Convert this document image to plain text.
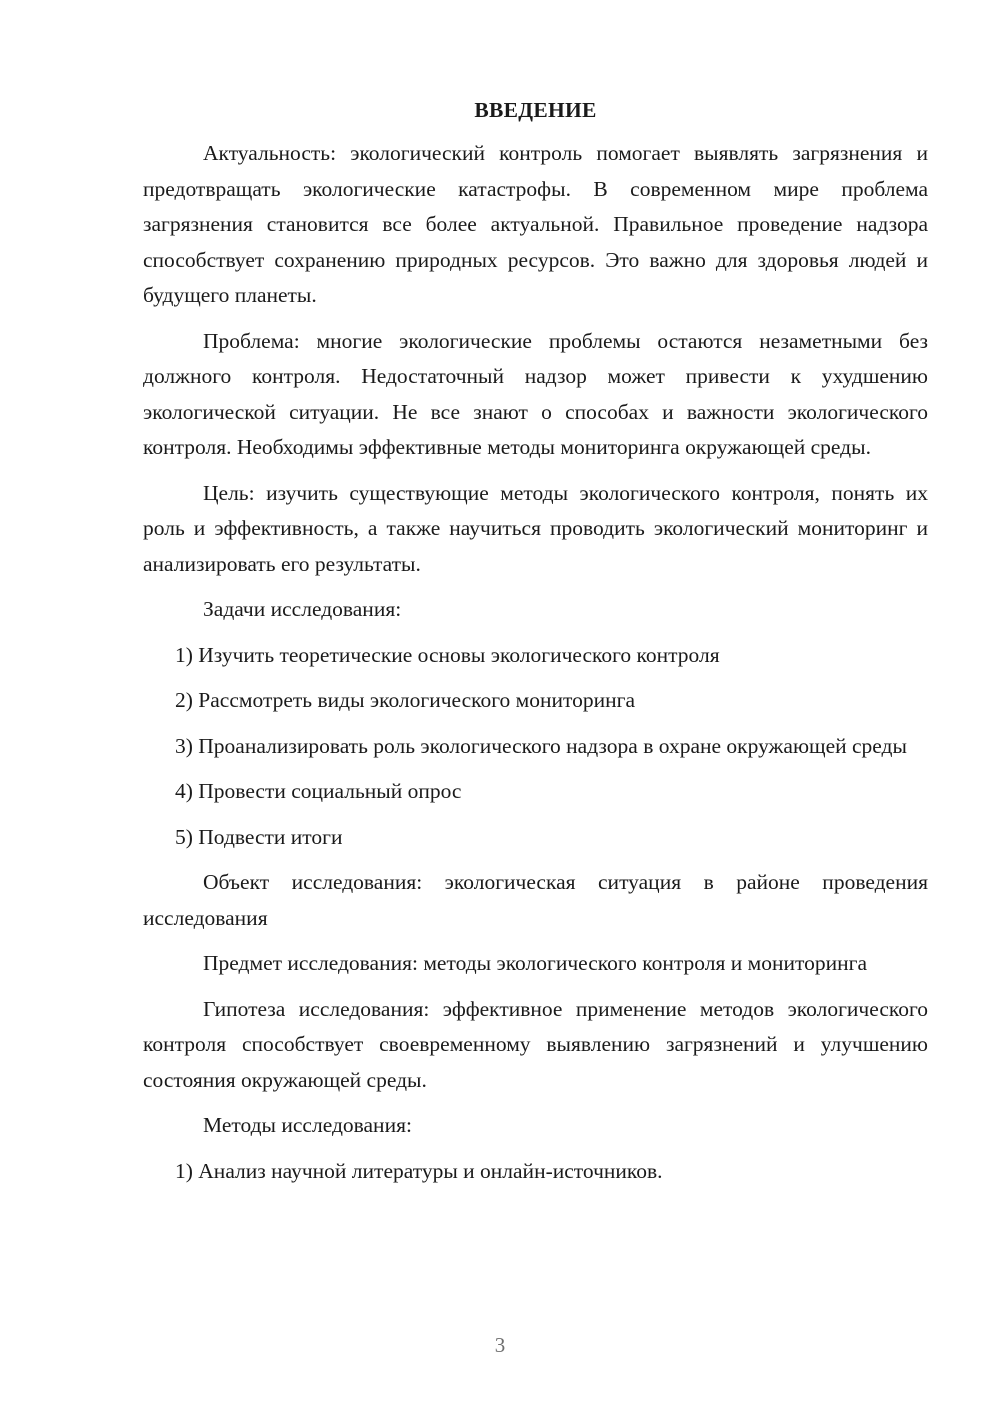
ВВЕДЕНИЕ

Актуальность: экологический контроль помогает выявлять загрязнения и предотвращать экологические катастрофы. В современном мире проблема загрязнения становится все более актуальной. Правильное проведение надзора способствует сохранению природных ресурсов. Это важно для здоровья людей и будущего планеты.

Проблема: многие экологические проблемы остаются незаметными без должного контроля. Недостаточный надзор может привести к ухудшению экологической ситуации. Не все знают о способах и важности экологического контроля. Необходимы эффективные методы мониторинга окружающей среды.

Цель: изучить существующие методы экологического контроля, понять их роль и эффективность, а также научиться проводить экологический мониторинг и анализировать его результаты.

Задачи исследования:

1) Изучить теоретические основы экологического контроля

2) Рассмотреть виды экологического мониторинга

3) Проанализировать роль экологического надзора в охране окружающей среды

4) Провести социальный опрос

5) Подвести итоги

Объект исследования: экологическая ситуация в районе проведения исследования

Предмет исследования: методы экологического контроля и мониторинга

Гипотеза исследования: эффективное применение методов экологического контроля способствует своевременному выявлению загрязнений и улучшению состояния окружающей среды.

Методы исследования:

1) Анализ научной литературы и онлайн-источников.

3
